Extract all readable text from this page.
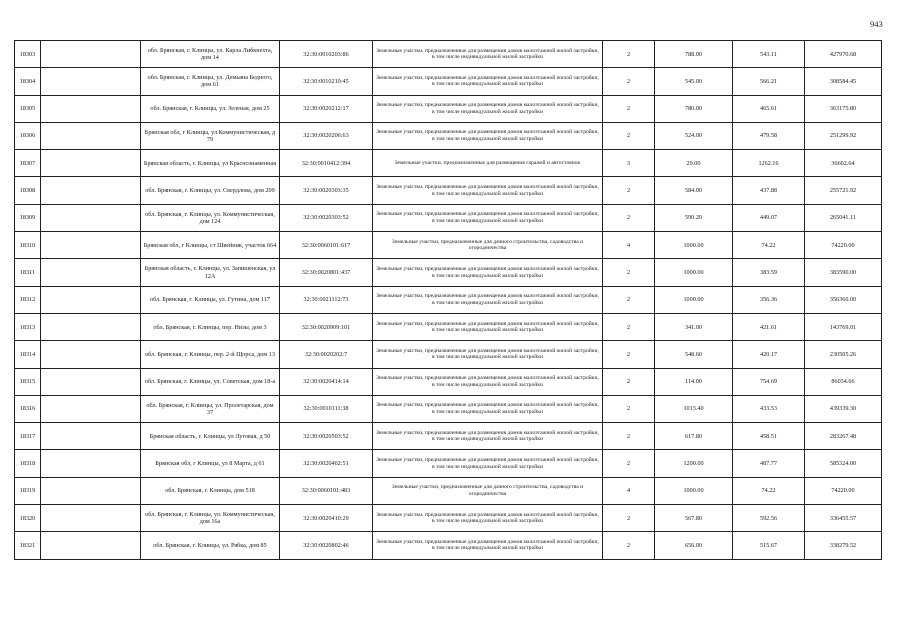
943
18303		обл. Брянская, г. Клинцы, ул. Карла Либкнехта, дом 14	32:30:0010203:86	Земельные участки, предназначенные для размещения домов малоэтажной жилой застройки, в том числе индивидуальной жилой застройки	2	788.00	543.11	427970.68
18304		обл. Брянская, г. Клинцы, ул. Демьяна Бедного, дом 61	32:30:0010210:45	Земельные участки, предназначенные для размещения домов малоэтажной жилой застройки, в том числе индивидуальной жилой застройки	2	545.00	566.21	308584.45
18305		обл. Брянская, г. Клинцы, ул. Зеленая, дом 25	32:30:0020212:17	Земельные участки, предназначенные для размещения домов малоэтажной жилой застройки, в том числе индивидуальной жилой застройки	2	780.00	465.61	363175.80
18306		Брянская обл, г Клинцы, ул Коммунистическая, д 79	32:30:0020206:63	Земельные участки, предназначенные для размещения домов малоэтажной жилой застройки, в том числе индивидуальной жилой застройки	2	524.00	479.58	251299.92
18307		Брянская область, г. Клинцы, ул Краснознаменная	32:30:0010412:394	Земельные участки, предназначенные для размещения гаражей и автостоянок	3	29.00	1262.16	36602.64
18308		обл. Брянская, г. Клинцы, ул. Свердлова, дом 209	32:30:0020303:35	Земельные участки, предназначенные для размещения домов малоэтажной жилой застройки, в том числе индивидуальной жилой застройки	2	584.00	437.88	255721.92
18309		обл. Брянская, г. Клинцы, ул. Коммунистическая, дом 124	32:30:0020303:52	Земельные участки, предназначенные для размещения домов малоэтажной жилой застройки, в том числе индивидуальной жилой застройки	2	590.20	449.07	265041.11
18310		Брянская обл, г Клинцы, ст Швейник, участок 664	32:30:0060101:617	Земельные участки, предназначенные для дачного строительства, садоводства и огородничества	4	1000.00	74.22	74220.00
18311		Брянская область, г. Клинцы, ул. Запишенская, ул 12А	32:30:0020801:437	Земельные участки, предназначенные для размещения домов малоэтажной жилой застройки, в том числе индивидуальной жилой застройки	2	1000.00	383.59	383590.00
18312		обл. Брянская, г. Клинцы, ул. Гутина, дом 117	32:30:0021112:73	Земельные участки, предназначенные для размещения домов малоэтажной жилой застройки, в том числе индивидуальной жилой застройки	2	1000.00	356.36	356360.00
18313		обл. Брянская, г. Клинцы, пер. Низы, дом 3	32:30:0020909:101	Земельные участки, предназначенные для размещения домов малоэтажной жилой застройки, в том числе индивидуальной жилой застройки	2	341.00	421.61	143769.01
18314		обл. Брянская, г. Клинцы, пер. 2-й Щорса, дом 13	32:30:0020202:7	Земельные участки, предназначенные для размещения домов малоэтажной жилой застройки, в том числе индивидуальной жилой застройки	2	548.60	420.17	230505.26
18315		обл. Брянская, г. Клинцы, ул. Советская, дом 18-а	32:30:0020414:14	Земельные участки, предназначенные для размещения домов малоэтажной жилой застройки, в том числе индивидуальной жилой застройки	2	114.00	754.69	86034.66
18316		обл. Брянская, г. Клинцы, ул. Пролетарская, дом 37	32:30:0010111:38	Земельные участки, предназначенные для размещения домов малоэтажной жилой застройки, в том числе индивидуальной жилой застройки	2	1013.40	433.53	439339.30
18317		Брянская область, г. Клинцы, ул Луговая, д 50	32:30:0020503:52	Земельные участки, предназначенные для размещения домов малоэтажной жилой застройки, в том числе индивидуальной жилой застройки	2	617.80	458.51	283267.48
18318		Брянская обл, г Клинцы, ул 8 Марта, д 61	32:30:0020402:51	Земельные участки, предназначенные для размещения домов малоэтажной жилой застройки, в том числе индивидуальной жилой застройки	2	1200.00	487.77	585324.00
18319		обл. Брянская, г. Клинцы, дом 518	32:30:0060101:483	Земельные участки, предназначенные для дачного строительства, садоводства и огородничества	4	1000.00	74.22	74220.00
18320		обл. Брянская, г. Клинцы, ул. Коммунистическая, дом 16а	32:30:0020410:29	Земельные участки, предназначенные для размещения домов малоэтажной жилой застройки, в том числе индивидуальной жилой застройки	2	567.80	592.56	336455.57
18321		обл. Брянская, г. Клинцы, ул. Рябка, дом 85	32:30:0020802:46	Земельные участки, предназначенные для размещения домов малоэтажной жилой застройки, в том числе индивидуальной жилой застройки	2	656.00	515.67	338279.52
